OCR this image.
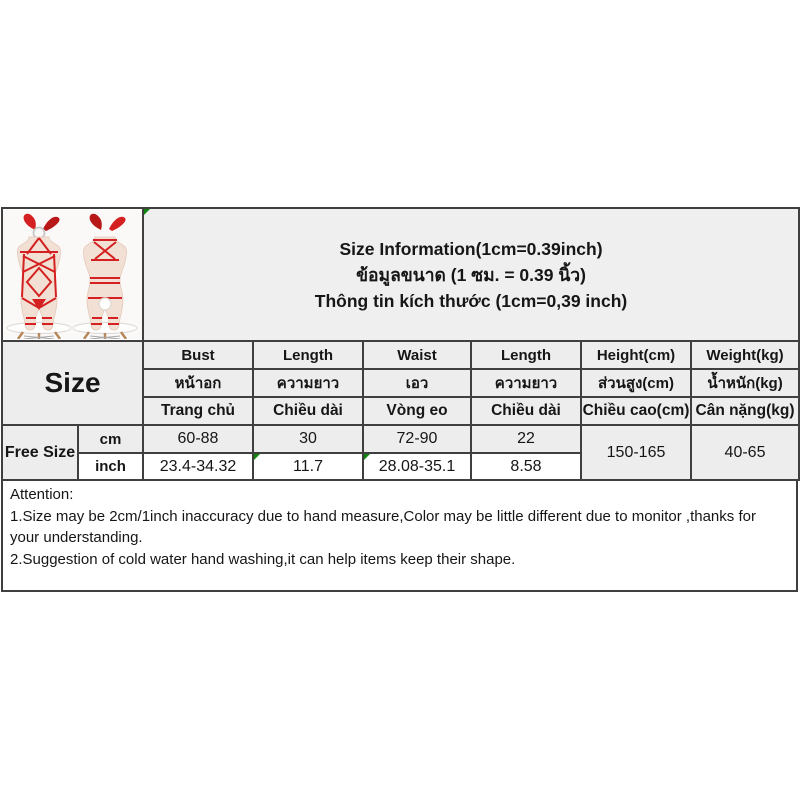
Size Information(1cm=0.39inch)
ข้อมูลขนาด (1 ซม. = 0.39 นิ้ว)
Thông tin kích thước (1cm=0,39 inch)					

Size		Bust	Length	Waist	Length	Height(cm)	Weight(kg)
		หน้าอก	ความยาว	เอว	ความยาว	ส่วนสูง(cm)	น้ำหนัก(kg)
		Trang chủ	Chiều dài	Vòng eo	Chiều dài	Chiều cao(cm)	Cân nặng(kg)
Free Size	cm	60-88	30	72-90	22	150-165	40-65
	inch	23.4-34.32	11.7	28.08-35.1	8.58		
Attention:
1.Size may be 2cm/1inch inaccuracy due to hand measure,Color may be little different due to monitor ,thanks for your understanding.
2.Suggestion of cold water hand washing,it can help items keep their shape.
